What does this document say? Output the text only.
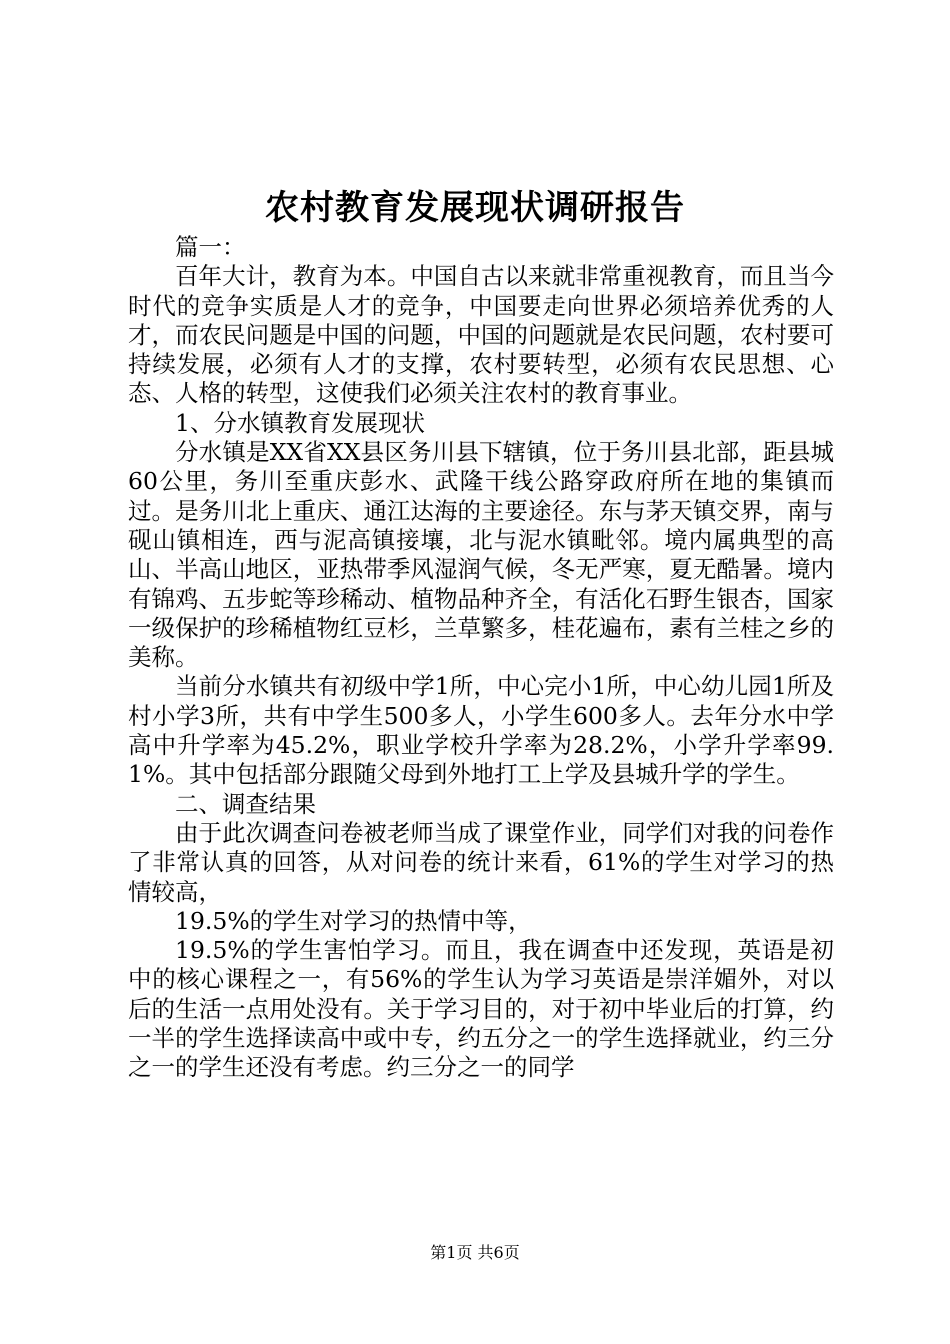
农村教育发展现状调研报告

篇一：

百年大计，教育为本。中国自古以来就非常重视教育，而且当今时代的竞争实质是人才的竞争，中国要走向世界必须培养优秀的人才，而农民问题是中国的问题，中国的问题就是农民问题，农村要可持续发展，必须有人才的支撑，农村要转型，必须有农民思想、心态、人格的转型，这使我们必须关注农村的教育事业。

1、分水镇教育发展现状

分水镇是XX省XX县区务川县下辖镇，位于务川县北部，距县城60公里，务川至重庆彭水、武隆干线公路穿政府所在地的集镇而过。是务川北上重庆、通江达海的主要途径。东与茅天镇交界，南与砚山镇相连，西与泥高镇接壤，北与泥水镇毗邻。境内属典型的高山、半高山地区，亚热带季风湿润气候，冬无严寒，夏无酷暑。境内有锦鸡、五步蛇等珍稀动、植物品种齐全，有活化石野生银杏，国家一级保护的珍稀植物红豆杉，兰草繁多，桂花遍布，素有兰桂之乡的美称。

当前分水镇共有初级中学1所，中心完小1所，中心幼儿园1所及村小学3所，共有中学生500多人，小学生600多人。去年分水中学高中升学率为45.2%，职业学校升学率为28.2%，小学升学率99.1%。其中包括部分跟随父母到外地打工上学及县城升学的学生。

二、调查结果

由于此次调查问卷被老师当成了课堂作业，同学们对我的问卷作了非常认真的回答，从对问卷的统计来看，61%的学生对学习的热情较高，

19.5%的学生对学习的热情中等，

19.5%的学生害怕学习。而且，我在调查中还发现，英语是初中的核心课程之一，有56%的学生认为学习英语是崇洋媚外，对以后的生活一点用处没有。关于学习目的，对于初中毕业后的打算，约一半的学生选择读高中或中专，约五分之一的学生选择就业，约三分之一的学生还没有考虑。约三分之一的同学

第1页 共6页
